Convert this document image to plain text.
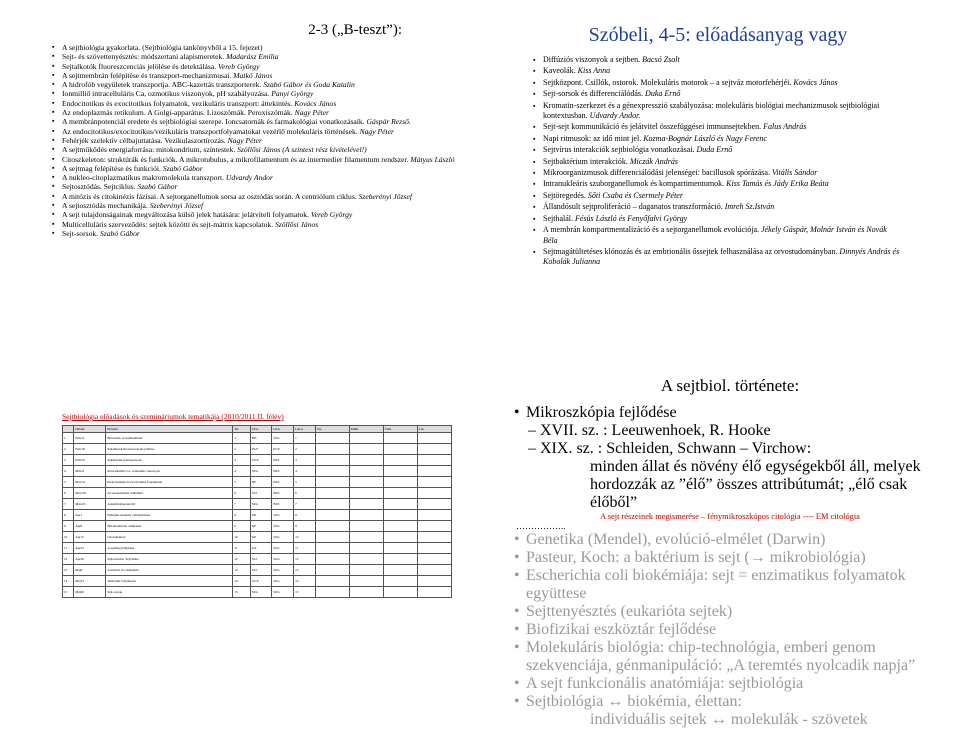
2-3 („B-teszt”):
▪ A sejtbiológia gyakorlata. (Sejtbiológia tankönyvből a 15. fejezet)
▪ Sejt- és szövettenyésztés: módszertani alapismeretek. Madarász Emília
▪ Sejtalkotók fluoreszcenciás jelölése és detektálása. Vereb György
▪ A sejtmembrán felépítése és transzport-mechanizmusai. Matkó János
▪ A hidrofób vegyületek transzportja. ABC-kazettás transzporterek. Szabó Gábor és Goda Katalin
▪ Ionmilliő intracelluláris Ca, ozmotikus viszonyok, pH szabályozása. Panyi György
▪ Endocitotikus és exocitotikus folyamatok, vezikuláris transzport: áttekintés. Kovács János
▪ Az endoplazmás retikulum. A Golgi-apparátus. Lizoszómák. Peroxiszómák. Nagy Péter
▪ A membránpotenciál eredete és sejtbiológiai szerepe. Ioncsatornák és farmakológiai vonatkozásaik. Gáspár Rezső.
▪ Az endocitotikus/exocitotikus/vezikuláris transzportfolyamatokat vezérlő molekuláris történések. Nagy Péter
▪ Fehérjék szelektív célbajuttatása. Vezikulaszortírozás. Nagy Péter
▪ A sejtműködés energiaforrása: mitokondrium, színtestek. Szöllősi János (A szintest rész kivételével!)
▪ Citoszkeleton: struktúrák és funkciók. A mikrotubulus, a mikrofilamentum és az intermedier filamentum rendszer. Mátyus László
▪ A sejtmag felépítése és funkciói. Szabó Gábor
▪ A nukleo-citoplazmatikus makromolekula transzport. Udvardy Andor
▪ Sejtosztódás. Sejtciklus. Szabó Gábor
▪ A mitózis és citokinézis fázisai. A sejtorganellumok sorsa az osztódás során. A centriólum ciklus. Szeberényi József
▪ A sejtosztódás mechanikája. Szeberényi József
▪ A sejt tulajdonságainak megváltozása külső jelek hatására: jelátviteli folyamatok. Vereb György
▪ Multicelluláris szerveződés: sejtek közötti és sejt-mátrix kapcsolatok. Szöllősi János
▪ Sejt-sorsok. Szabó Gábor
Szóbeli, 4-5: előadásanyag vagy
▪ Diffúziós viszonyok a sejtben. Bacsó Zsolt
▪ Kaveolák. Kiss Anna
▪ Sejtközpont. Csillók, ostorok. Molekuláris motorok – a sejtváz motorfehérjéi. Kovács János
▪ Sejt-sorsok és differenciálódás. Duka Ernő
▪ Kromatin-szerkezet és a génexpresszió szabályozása: molekuláris biológiai mechanizmusok sejtbiológiai kontextusban. Udvardy Andor.
▪ Sejt-sejt kommunikáció és jelátvitel összefüggései immunsejtekben. Falus András
▪ Napi ritmusok: az idő mint jel. Kozma-Bognár László és Nagy Ferenc
▪ Sejtvírus interakciók sejtbiológia vonatkozásai. Duda Ernő
▪ Sejtbaktérium interakciók. Miczák András
▪ Mikroorganizmusok differenciálódási jelenségei: bacillusok spórázása. Vitális Sándor
▪ Intranukleáris szuborganellumok és kompartimentumok. Kiss Tamás és Jády Erika Beáta
▪ Sejtöregedés. Sőti Csaba és Csermely Péter
▪ Állandósult sejtproliferáció – daganatos transzformáció. Imreh Sz.István
▪ Sejthalál. Fésüs László és Fenyőfalvi György
▪ A membrán kompartmentalizáció és a sejtorganellumok evolúciója. Jékely Gáspár, Molnár István és Novák Béla
▪ Sejtmagátültetéses klónozás és az embrionális őssejtek felhasználása az orvostudományban. Dinnyés András és Kobolák Julianna
Sejtbiológia előadások és szemináriumok tematikája (2010/2011 II. félév)
	Dátum	Előadás	Tel	LEA	LEA	Labor	Sze	MOK	TOK	Lab
1	Febr11	Bevezetés. A sejtmembrán.	1	BÖ	SZG	1				
2	Febr18	Sejtalkotók fluoreszcenciás jelölése	2	PGY	PGY	2				
3	Febr25	Sejtfelszíni transzporterek	3	VGY	BZS	3				
4	Márc4	Intracelluláris Ca, ozmotikus viszonyok	4	SZG	BZS	4				
5	Márc11	Endocitotikus és exocitotikus folyamatok	5	NP	BZS	5				
6	Márc18	Az endoplazmás retikulum	6	SZJ	BZS	6				
7	Márc25	A membránpotenciál	7	SZG	BZS	7				
8	Ápr1	Fehérjék szelektív célbajuttatása	8	MJ	SZG	8				
9	Ápr8	Mitokondrium, színtestek	9	NP	SZG	9				
10	Ápr15	Citoszkeleton	10	MJ	SZG	10				
11	Ápr22	A sejtmag felépítése	11	UA	SZG	11				
12	Ápr29	Sejtosztódás. Sejtciklus.	12	SZJ	SZG	12				
13	Máj6	A mitózis és citokinézis	13	SZJ	SZG	13				
14	Máj13	Jelátviteli folyamatok	14	VGY	SZG	14				
15	Máj20	Sejt-sorsok	15	SZG	SZG	15				
A sejtbiol. története:
• Mikroszkópia fejlődése
– XVII. sz. : Leeuwenhoek, R. Hooke
– XIX. sz. : Schleiden, Schwann – Virchow:
minden állat és növény élő egységekből áll, melyek
hordozzák az ”élő” összes attribútumát; „élő csak élőből”
A sejt részeinek megismerése – fénymikroszkópos citológia ---- EM citológia
……………..
• Genetika (Mendel), evolúció-elmélet (Darwin)
• Pasteur, Koch: a baktérium is sejt (→ mikrobiológia)
• Escherichia coli biokémiája: sejt = enzimatikus folyamatok együttese
• Sejttenyésztés (eukarióta sejtek)
• Biofizikai eszköztár fejlődése
• Molekuláris biológia: chip-technológia, emberi genom szekvenciája, génmanipuláció: „A teremtés nyolcadik napja”
• A sejt funkcionális anatómiája: sejtbiológia
• Sejtbiológia ↔ biokémia, élettan:
individuális sejtek ↔ molekulák - szövetek
